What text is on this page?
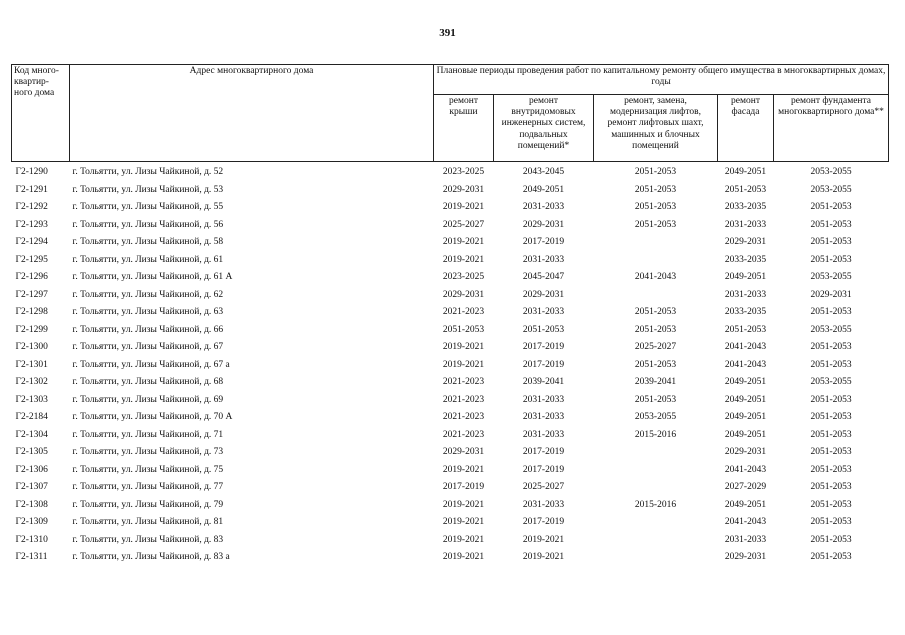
391
Код много-квартир-ного дома	Адрес многоквартирного дома	Плановые периоды проведения работ по капитальному ремонту общего имущества в многоквартирных домах, годы				
		ремонт крыши	ремонт внутридомовых инженерных систем, подвальных помещений*	ремонт, замена, модернизация лифтов, ремонт лифтовых шахт, машинных и блочных помещений	ремонт фасада	ремонт фундамента многоквартирного дома**
Г2-1290	г. Тольятти, ул. Лизы Чайкиной, д. 52	2023-2025	2043-2045	2051-2053	2049-2051	2053-2055
Г2-1291	г. Тольятти, ул. Лизы Чайкиной, д. 53	2029-2031	2049-2051	2051-2053	2051-2053	2053-2055
Г2-1292	г. Тольятти, ул. Лизы Чайкиной, д. 55	2019-2021	2031-2033	2051-2053	2033-2035	2051-2053
Г2-1293	г. Тольятти, ул. Лизы Чайкиной, д. 56	2025-2027	2029-2031	2051-2053	2031-2033	2051-2053
Г2-1294	г. Тольятти, ул. Лизы Чайкиной, д. 58	2019-2021	2017-2019		2029-2031	2051-2053
Г2-1295	г. Тольятти, ул. Лизы Чайкиной, д. 61	2019-2021	2031-2033		2033-2035	2051-2053
Г2-1296	г. Тольятти, ул. Лизы Чайкиной, д. 61 А	2023-2025	2045-2047	2041-2043	2049-2051	2053-2055
Г2-1297	г. Тольятти, ул. Лизы Чайкиной, д. 62	2029-2031	2029-2031		2031-2033	2029-2031
Г2-1298	г. Тольятти, ул. Лизы Чайкиной, д. 63	2021-2023	2031-2033	2051-2053	2033-2035	2051-2053
Г2-1299	г. Тольятти, ул. Лизы Чайкиной, д. 66	2051-2053	2051-2053	2051-2053	2051-2053	2053-2055
Г2-1300	г. Тольятти, ул. Лизы Чайкиной, д. 67	2019-2021	2017-2019	2025-2027	2041-2043	2051-2053
Г2-1301	г. Тольятти, ул. Лизы Чайкиной, д. 67 а	2019-2021	2017-2019	2051-2053	2041-2043	2051-2053
Г2-1302	г. Тольятти, ул. Лизы Чайкиной, д. 68	2021-2023	2039-2041	2039-2041	2049-2051	2053-2055
Г2-1303	г. Тольятти, ул. Лизы Чайкиной, д. 69	2021-2023	2031-2033	2051-2053	2049-2051	2051-2053
Г2-2184	г. Тольятти, ул. Лизы Чайкиной, д. 70 А	2021-2023	2031-2033	2053-2055	2049-2051	2051-2053
Г2-1304	г. Тольятти, ул. Лизы Чайкиной, д. 71	2021-2023	2031-2033	2015-2016	2049-2051	2051-2053
Г2-1305	г. Тольятти, ул. Лизы Чайкиной, д. 73	2029-2031	2017-2019		2029-2031	2051-2053
Г2-1306	г. Тольятти, ул. Лизы Чайкиной, д. 75	2019-2021	2017-2019		2041-2043	2051-2053
Г2-1307	г. Тольятти, ул. Лизы Чайкиной, д. 77	2017-2019	2025-2027		2027-2029	2051-2053
Г2-1308	г. Тольятти, ул. Лизы Чайкиной, д. 79	2019-2021	2031-2033	2015-2016	2049-2051	2051-2053
Г2-1309	г. Тольятти, ул. Лизы Чайкиной, д. 81	2019-2021	2017-2019		2041-2043	2051-2053
Г2-1310	г. Тольятти, ул. Лизы Чайкиной, д. 83	2019-2021	2019-2021		2031-2033	2051-2053
Г2-1311	г. Тольятти, ул. Лизы Чайкиной, д. 83 а	2019-2021	2019-2021		2029-2031	2051-2053
